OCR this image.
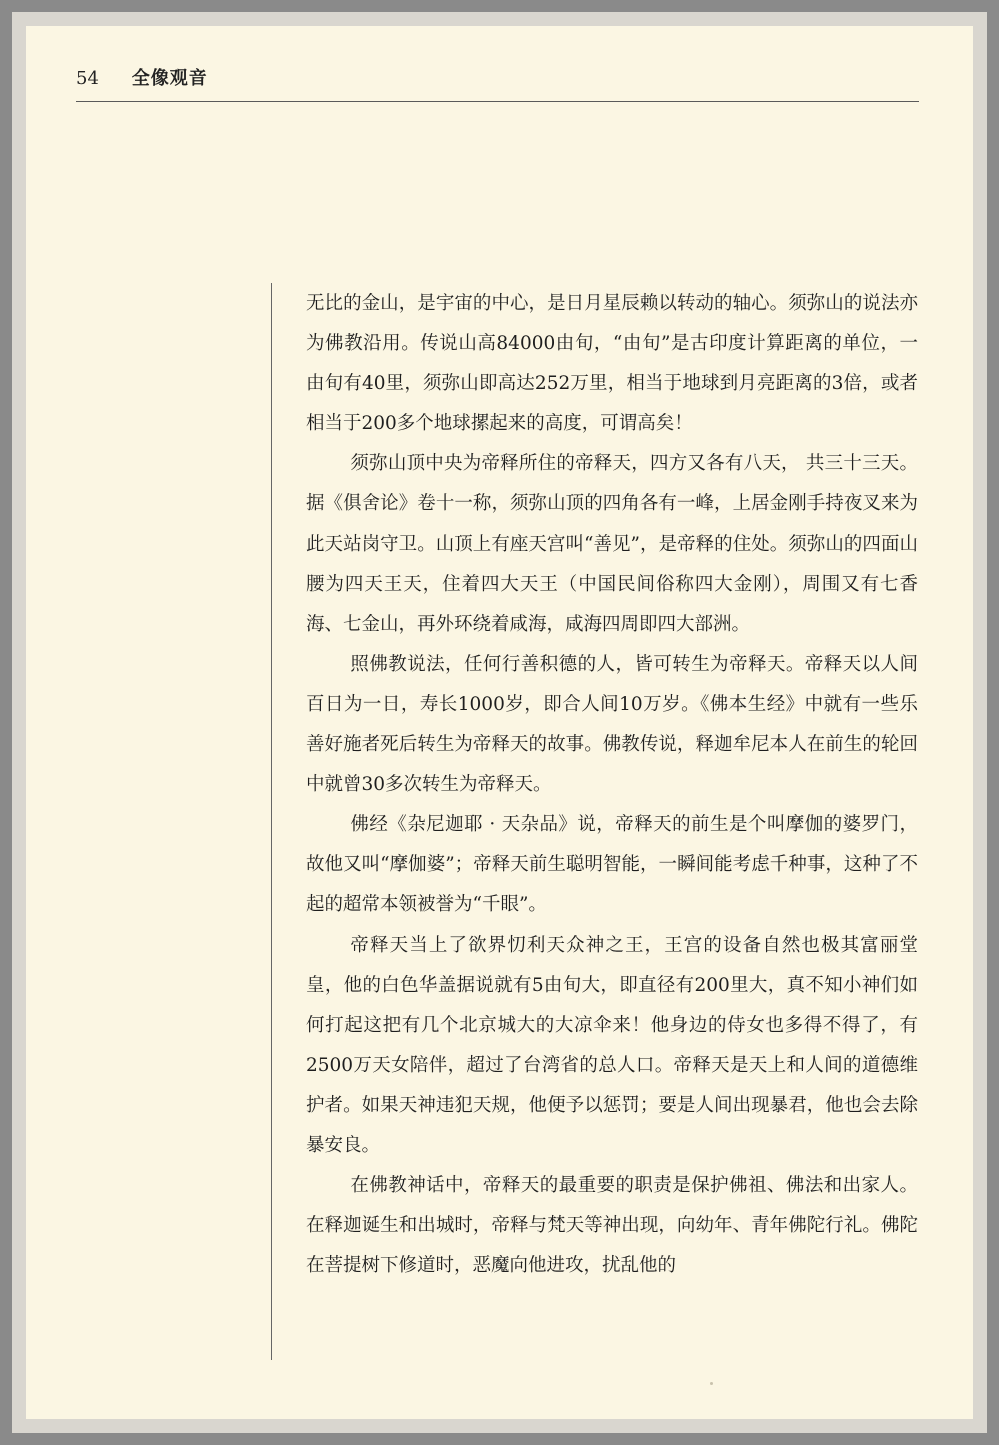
54 全像观音

无比的金山，是宇宙的中心，是日月星辰赖以转动的轴心。须弥山的说法亦为佛教沿用。传说山高84000由旬，“由旬”是古印度计算距离的单位，一由旬有40里，须弥山即高达252万里，相当于地球到月亮距离的3倍，或者相当于200多个地球摞起来的高度，可谓高矣！

须弥山顶中央为帝释所住的帝释天，四方又各有八天， 共三十三天。据《俱舍论》卷十一称，须弥山顶的四角各有一峰，上居金刚手持夜叉来为此天站岗守卫。山顶上有座天宫叫“善见”，是帝释的住处。须弥山的四面山腰为四天王天，住着四大天王（中国民间俗称四大金刚），周围又有七香海、七金山，再外环绕着咸海，咸海四周即四大部洲。

照佛教说法，任何行善积德的人，皆可转生为帝释天。帝释天以人间百日为一日，寿长1000岁，即合人间10万岁。《佛本生经》中就有一些乐善好施者死后转生为帝释天的故事。佛教传说，释迦牟尼本人在前生的轮回中就曾30多次转生为帝释天。

佛经《杂尼迦耶 · 天杂品》说，帝释天的前生是个叫摩伽的婆罗门，故他又叫“摩伽婆”；帝释天前生聪明智能，一瞬间能考虑千种事，这种了不起的超常本领被誉为“千眼”。

帝释天当上了欲界忉利天众神之王，王宫的设备自然也极其富丽堂皇，他的白色华盖据说就有5由旬大，即直径有200里大，真不知小神们如何打起这把有几个北京城大的大凉伞来！他身边的侍女也多得不得了，有2500万天女陪伴，超过了台湾省的总人口。帝释天是天上和人间的道德维护者。如果天神违犯天规，他便予以惩罚；要是人间出现暴君，他也会去除暴安良。

在佛教神话中，帝释天的最重要的职责是保护佛祖、佛法和出家人。在释迦诞生和出城时，帝释与梵天等神出现，向幼年、青年佛陀行礼。佛陀在菩提树下修道时，恶魔向他进攻，扰乱他的
